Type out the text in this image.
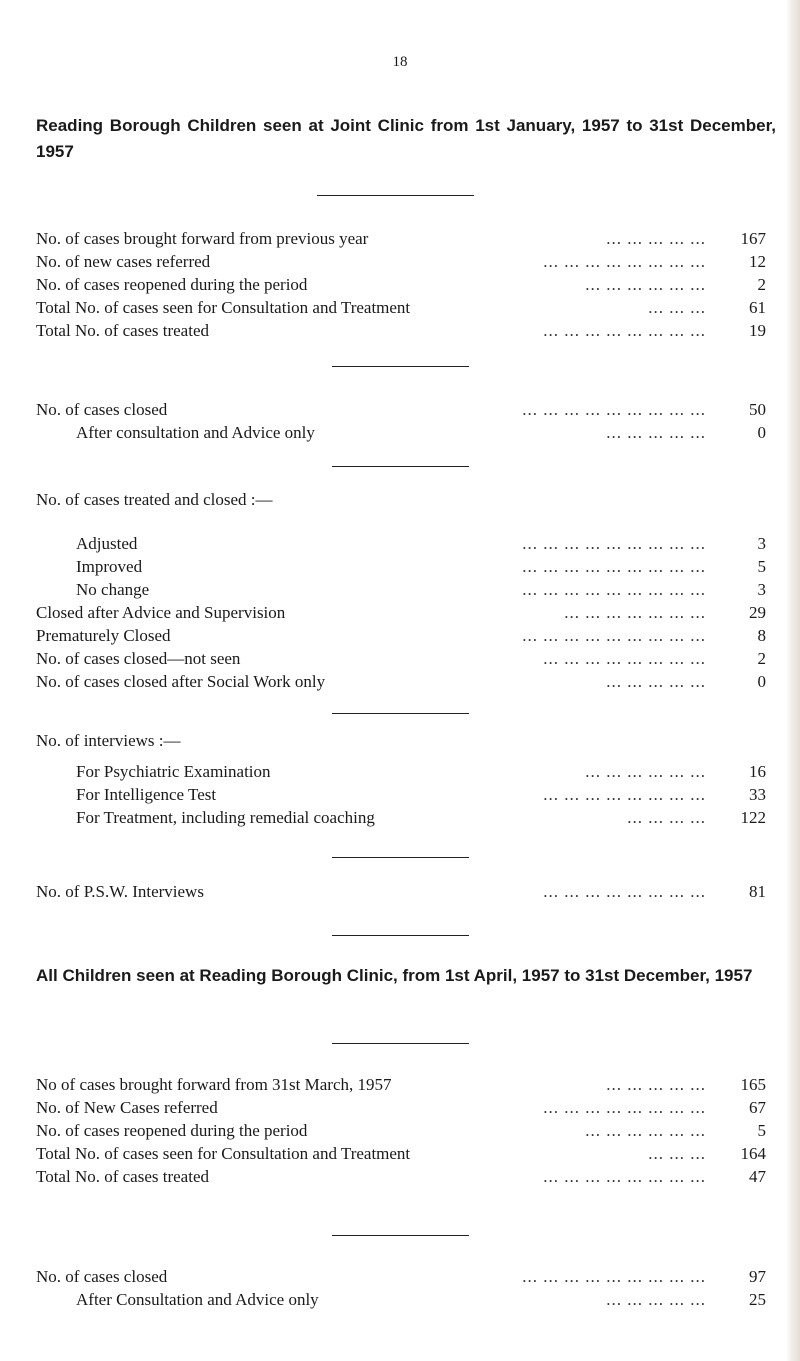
18
Reading Borough Children seen at Joint Clinic from 1st January, 1957 to 31st December, 1957
No. of cases brought forward from previous year	... ... ... ... ... 167
No. of new cases referred	... ... ... ... ... ... ... ...	12
No. of cases reopened during the period	... ... ... ... ... ...	2
Total No. of cases seen for Consultation and Treatment	... ... ...	61
Total No. of cases treated	... ... ... ... ... ... ... ...	19
No. of cases closed	... ... ... ... ... ... ... ... ...	50
After consultation and Advice only	... ... ... ... ...	0
No. of cases treated and closed :—
Adjusted	... ... ... ... ... ... ... ... ...	3
Improved	... ... ... ... ... ... ... ... ...	5
No change	... ... ... ... ... ... ... ... ...	3
Closed after Advice and Supervision	... ... ... ... ... ... ...	29
Prematurely Closed	... ... ... ... ... ... ... ... ...	8
No. of cases closed—not seen	... ... ... ... ... ... ... ...	2
No. of cases closed after Social Work only	... ... ... ... ...	0
No. of interviews :—
For Psychiatric Examination	... ... ... ... ... ...	16
For Intelligence Test	... ... ... ... ... ... ... ...	33
For Treatment, including remedial coaching	... ... ... ... 122
No. of P.S.W. Interviews	... ... ... ... ... ... ... ...	81
All Children seen at Reading Borough Clinic, from 1st April, 1957 to 31st December, 1957
No of cases brought forward from 31st March, 1957	... ... ... ... ... 165
No. of New Cases referred	... ... ... ... ... ... ... ...	67
No. of cases reopened during the period	... ... ... ... ... ...	5
Total No. of cases seen for Consultation and Treatment	... ... ... 164
Total No. of cases treated	... ... ... ... ... ... ... ...	47
No. of cases closed	... ... ... ... ... ... ... ... ...	97
After Consultation and Advice only	... ... ... ... ...	25
